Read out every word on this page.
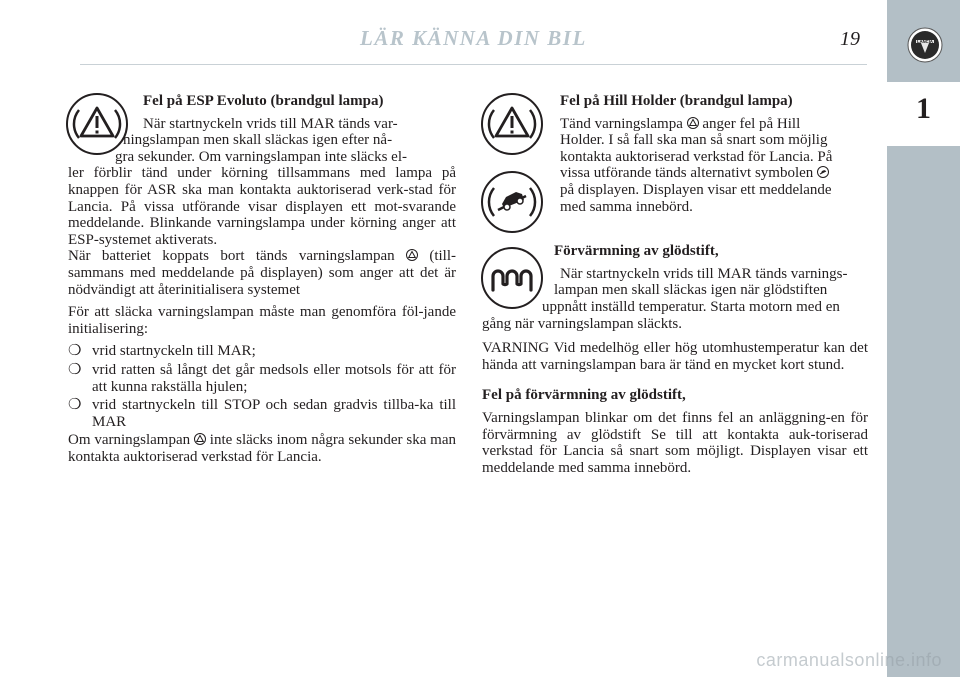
LÄR KÄNNA DIN BIL	19
1
LANCIA
Fel på ESP Evoluto (brandgul lampa)
När startnyckeln vrids till MAR tänds var-
ningslampan men skall släckas igen efter nå-
gra sekunder. Om varningslampan inte släcks el-

ler förblir tänd under körning tillsammans med lampa på knappen för ASR ska man kontakta auktoriserad verk-stad för Lancia. På vissa utförande visar displayen ett mot-svarande meddelande. Blinkande varningslampa under körning anger att ESP-systemet aktiverats.

När batteriet koppats bort tänds varningslampan (till-sammans med meddelande på displayen) som anger att det är nödvändigt att återinitialisera systemet

För att släcka varningslampan måste man genomföra föl-jande initialisering:

❍ vrid startnyckeln till MAR;
❍ vrid ratten så långt det går medsols eller motsols för att för att kunna rakställa hjulen;
❍ vrid startnyckeln till STOP och sedan gradvis tillba-ka till MAR

Om varningslampan inte släcks inom några sekunder ska man kontakta auktoriserad verkstad för Lancia.

Fel på Hill Holder (brandgul lampa)
Tänd varningslampa anger fel på Hill
Holder. I så fall ska man så snart som möjlig
kontakta auktoriserad verkstad för Lancia. På
vissa utförande tänds alternativt symbolen
på displayen. Displayen visar ett meddelande
med samma innebörd.
Förvärmning av glödstift,
När startnyckeln vrids till MAR tänds varnings-
lampan men skall släckas igen när glödstiften
uppnått inställd temperatur. Starta motorn med en

gång när varningslampan släckts.

VARNING Vid medelhög eller hög utomhustemperatur kan det hända att varningslampan bara är tänd en mycket kort stund.

Fel på förvärmning av glödstift,

Varningslampan blinkar om det finns fel an anläggning-en för förvärmning av glödstift Se till att kontakta auk-toriserad verkstad för Lancia så snart som möjligt. Displayen visar ett meddelande med samma innebörd.

carmanualsonline.info
